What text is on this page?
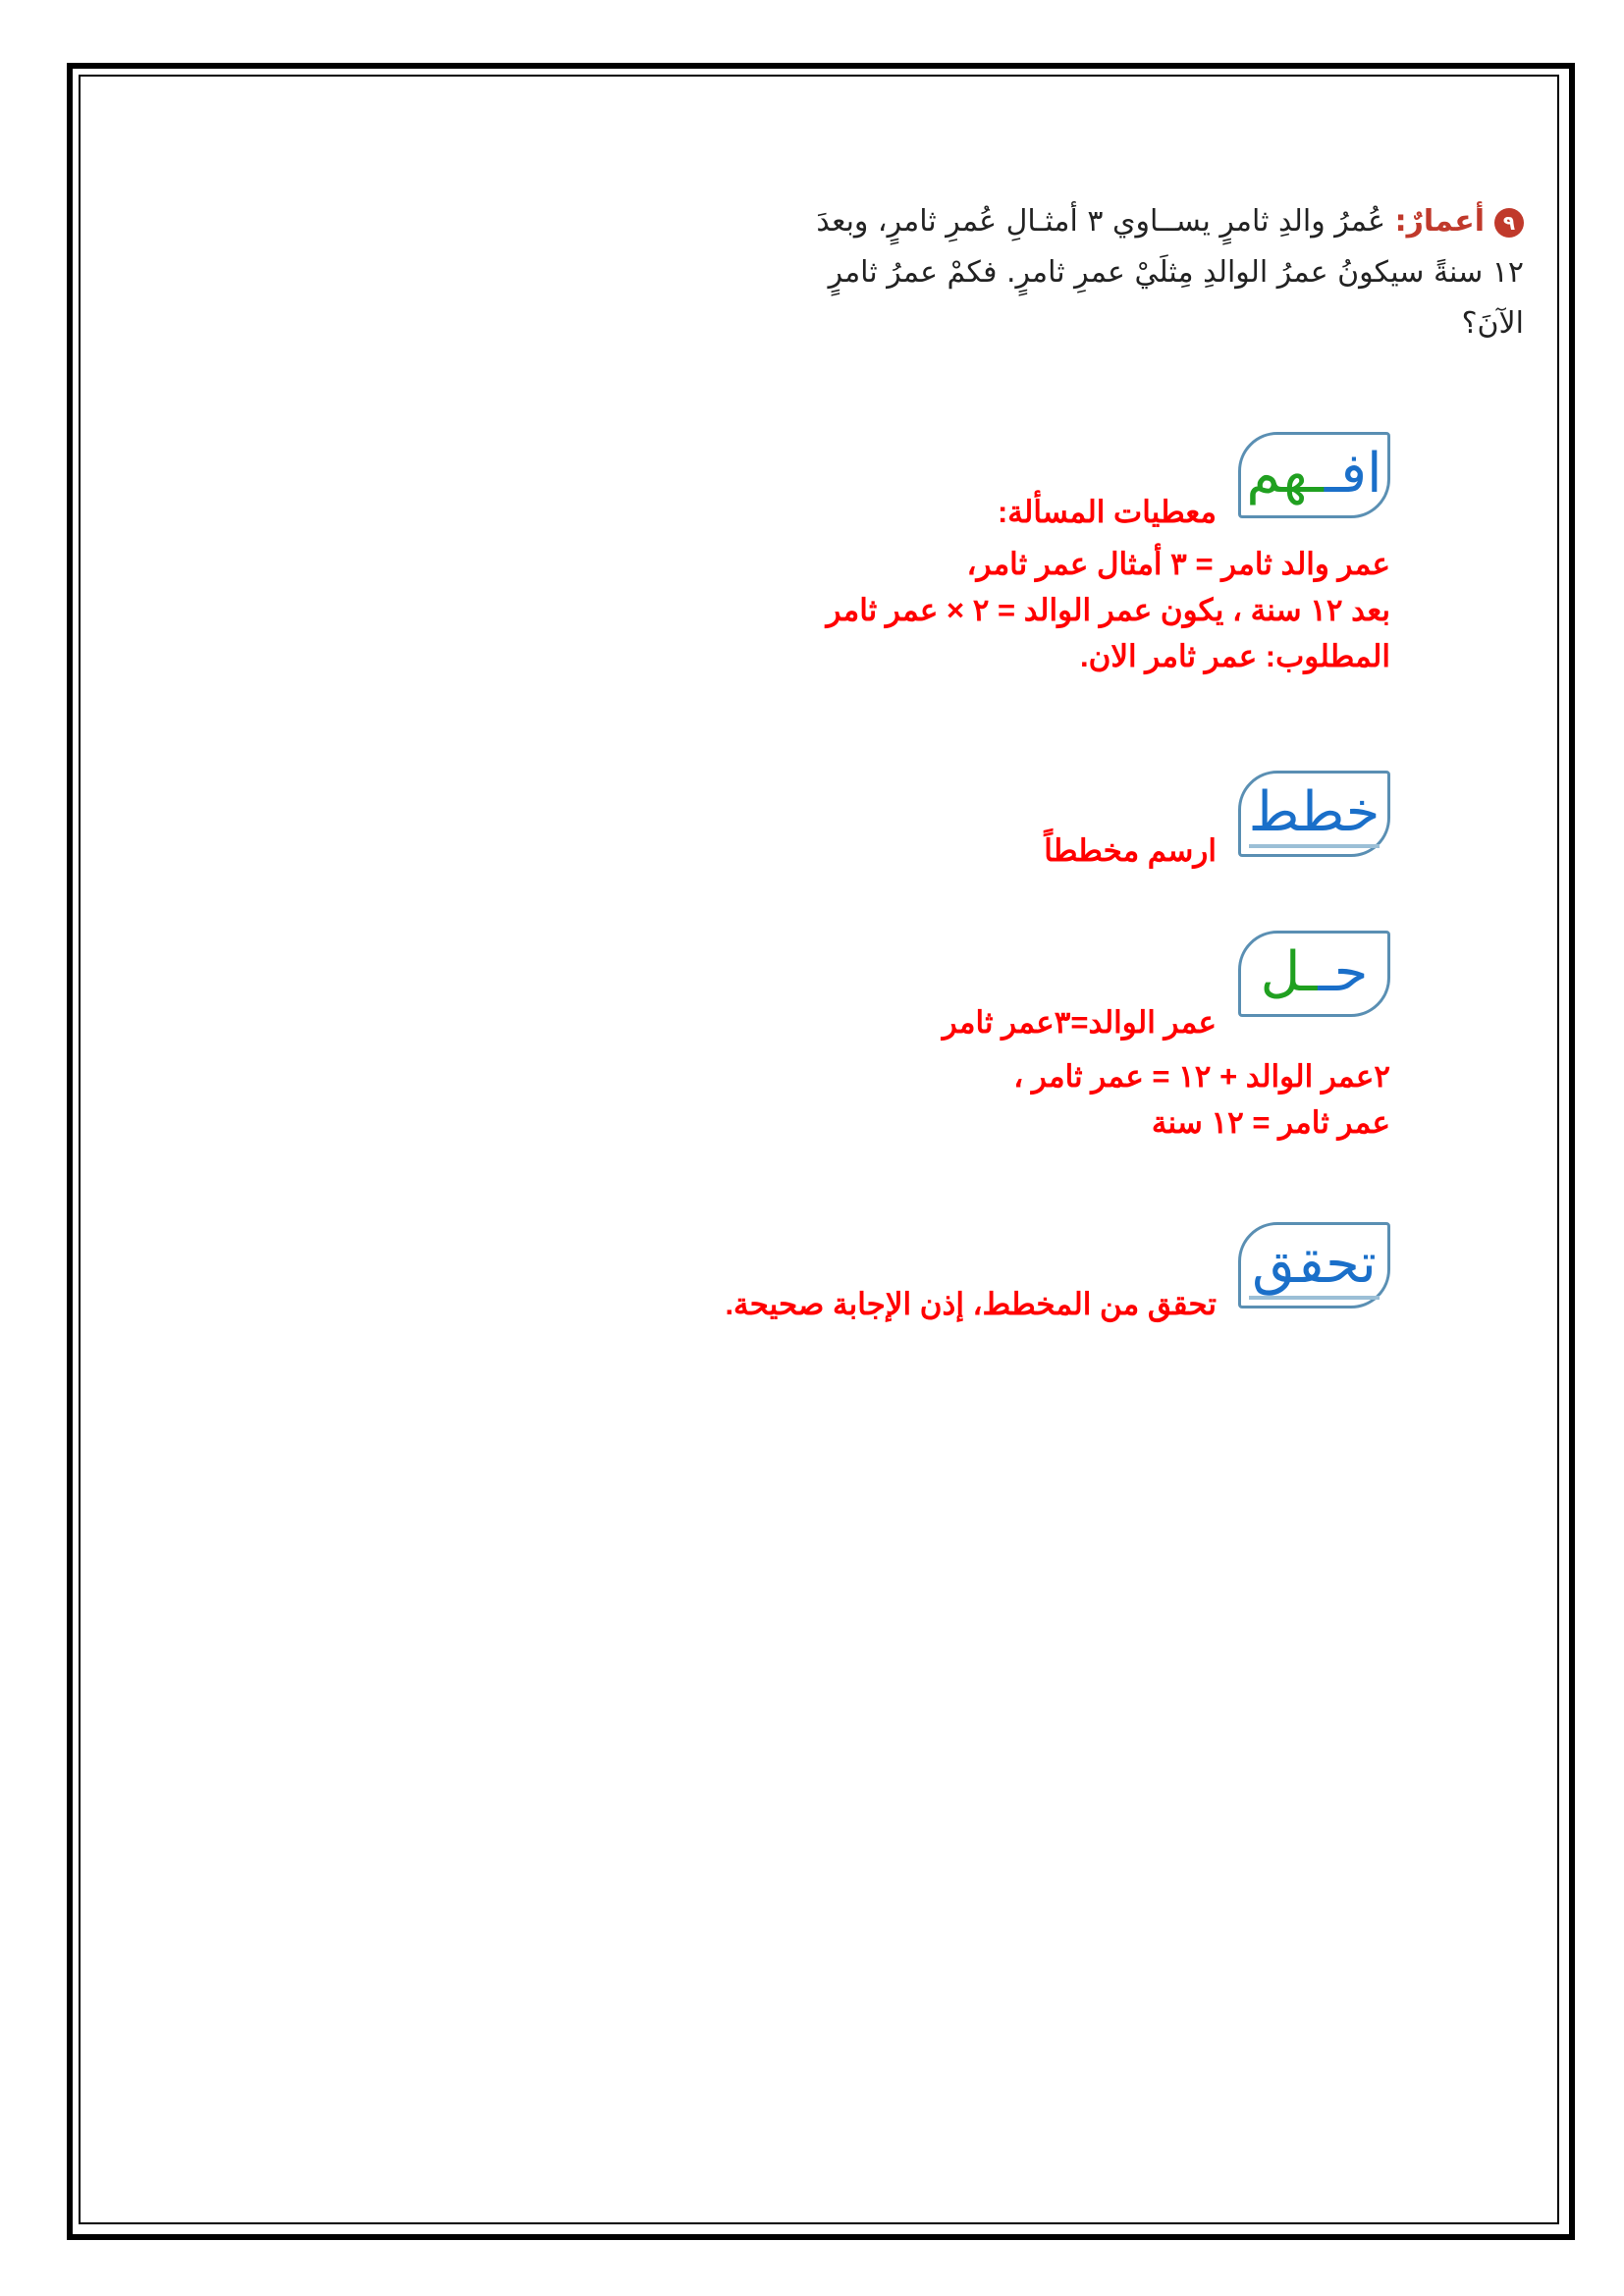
٩أعمارٌ: عُمرُ والدِ ثامرٍ يســاوي ٣ أمثـالِ عُمرِ ثامرٍ، وبعدَ
١٢ سنةً سيكونُ عمرُ الوالدِ مِثلَيْ عمرِ ثامرٍ. فكمْ عمرُ ثامرٍ
الآنَ؟
افــهم
معطيات المسألة:
عمر والد ثامر = ٣ أمثال عمر ثامر،
بعد ١٢ سنة ، يكون عمر الوالد = ٢ × عمر ثامر
المطلوب: عمر ثامر الان.
خطط
ارسم مخططاً
حــل
عمر الوالد=٣عمر ثامر
٢عمر الوالد + ١٢ = عمر ثامر ،
عمر ثامر = ١٢ سنة
تحقق
تحقق من المخطط، إذن الإجابة صحيحة.
